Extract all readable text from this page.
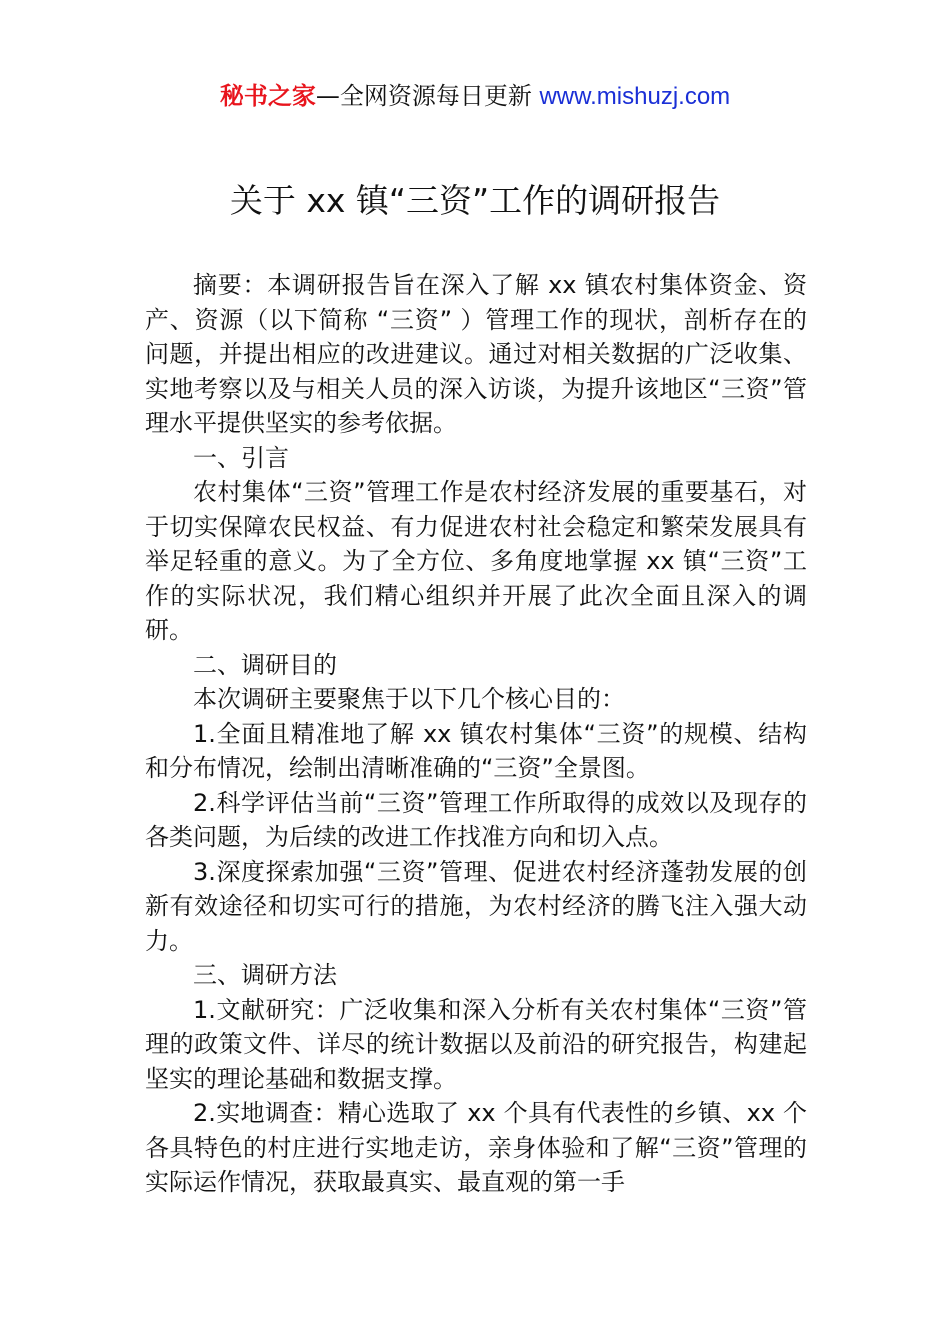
秘书之家—全网资源每日更新 www.mishuzj.com
关于 xx 镇“三资”工作的调研报告

摘要：本调研报告旨在深入了解 xx 镇农村集体资金、资产、资源（以下简称 “三资” ）管理工作的现状，剖析存在的问题，并提出相应的改进建议。通过对相关数据的广泛收集、实地考察以及与相关人员的深入访谈，为提升该地区“三资”管理水平提供坚实的参考依据。

一、引言

农村集体“三资”管理工作是农村经济发展的重要基石，对于切实保障农民权益、有力促进农村社会稳定和繁荣发展具有举足轻重的意义。为了全方位、多角度地掌握 xx 镇“三资”工作的实际状况，我们精心组织并开展了此次全面且深入的调研。

二、调研目的

本次调研主要聚焦于以下几个核心目的：

1.全面且精准地了解 xx 镇农村集体“三资”的规模、结构和分布情况，绘制出清晰准确的“三资”全景图。

2.科学评估当前“三资”管理工作所取得的成效以及现存的各类问题，为后续的改进工作找准方向和切入点。

3.深度探索加强“三资”管理、促进农村经济蓬勃发展的创新有效途径和切实可行的措施，为农村经济的腾飞注入强大动力。

三、调研方法

1.文献研究：广泛收集和深入分析有关农村集体“三资”管理的政策文件、详尽的统计数据以及前沿的研究报告，构建起坚实的理论基础和数据支撑。

2.实地调查：精心选取了 xx 个具有代表性的乡镇、xx 个各具特色的村庄进行实地走访，亲身体验和了解“三资”管理的实际运作情况，获取最真实、最直观的第一手
